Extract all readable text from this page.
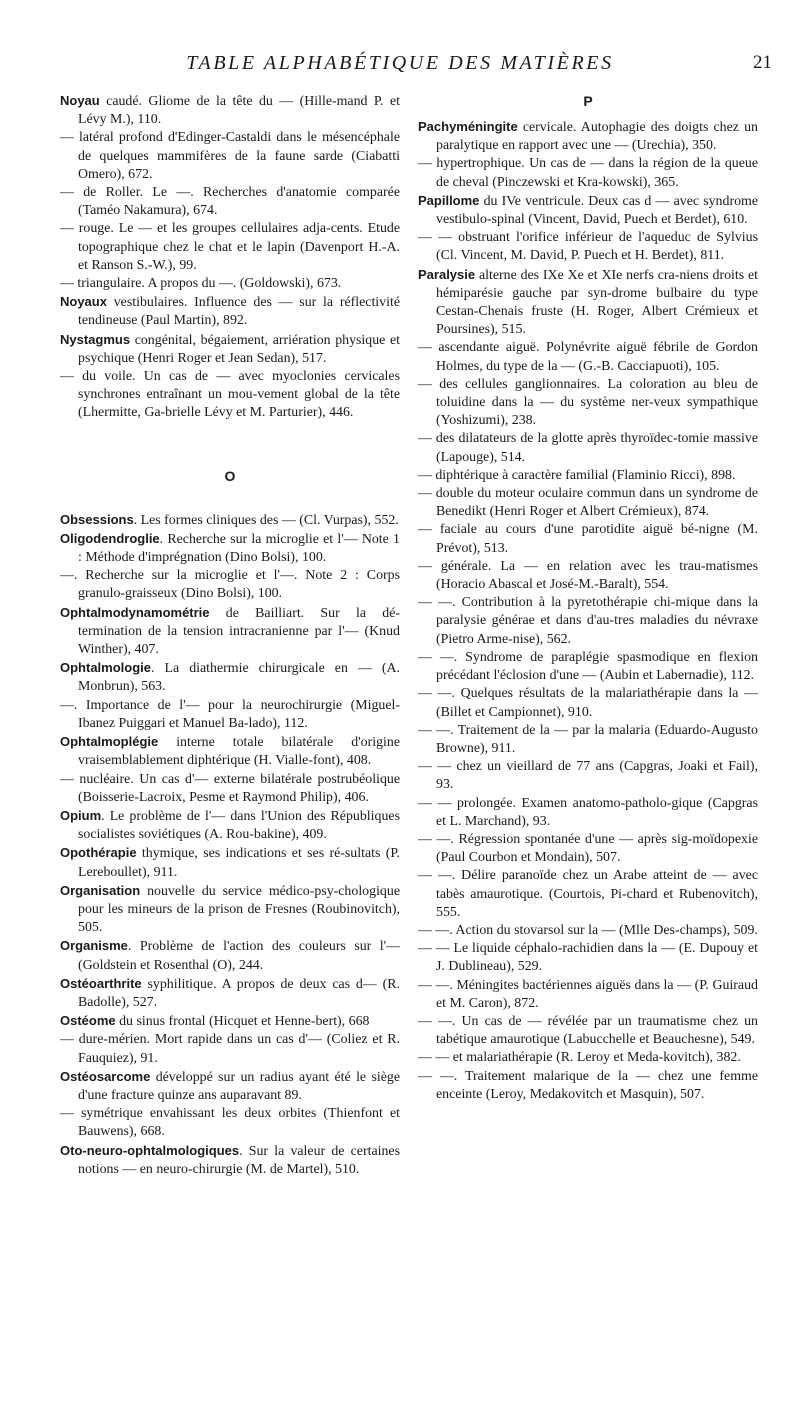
TABLE ALPHABÉTIQUE DES MATIÈRES	21

Noyau caudé. Gliome de la tête du — (Hille-mand P. et Lévy M.), 110.

— latéral profond d'Edinger-Castaldi dans le mésencéphale de quelques mammifères de la faune sarde (Ciabatti Omero), 672.

— de Roller. Le —. Recherches d'anatomie comparée (Taméo Nakamura), 674.

— rouge. Le — et les groupes cellulaires adja-cents. Etude topographique chez le chat et le lapin (Davenport H.-A. et Ranson S.-W.), 99.

— triangulaire. A propos du —. (Goldowski), 673.

Noyaux vestibulaires. Influence des — sur la réflectivité tendineuse (Paul Martin), 892.

Nystagmus congénital, bégaiement, arriération physique et psychique (Henri Roger et Jean Sedan), 517.

— du voile. Un cas de — avec myoclonies cervicales synchrones entraînant un mou-vement global de la tête (Lhermitte, Ga-brielle Lévy et M. Parturier), 446.

O

Obsessions. Les formes cliniques des — (Cl. Vurpas), 552.

Oligodendroglie. Recherche sur la microglie et l'— Note 1 : Méthode d'imprégnation (Dino Bolsi), 100.

—. Recherche sur la microglie et l'—. Note 2 : Corps granulo-graisseux (Dino Bolsi), 100.

Ophtalmodynamométrie de Bailliart. Sur la dé-termination de la tension intracranienne par l'— (Knud Winther), 407.

Ophtalmologie. La diathermie chirurgicale en — (A. Monbrun), 563.

—. Importance de l'— pour la neurochirurgie (Miguel-Ibanez Puiggari et Manuel Ba-lado), 112.

Ophtalmoplégie interne totale bilatérale d'origine vraisemblablement diphtérique (H. Vialle-font), 408.

— nucléaire. Un cas d'— externe bilatérale postrubéolique (Boisserie-Lacroix, Pesme et Raymond Philip), 406.

Opium. Le problème de l'— dans l'Union des Républiques socialistes soviétiques (A. Rou-bakine), 409.

Opothérapie thymique, ses indications et ses ré-sultats (P. Lereboullet), 911.

Organisation nouvelle du service médico-psy-chologique pour les mineurs de la prison de Fresnes (Roubinovitch), 505.

Organisme. Problème de l'action des couleurs sur l'— (Goldstein et Rosenthal (O), 244.

Ostéoarthrite syphilitique. A propos de deux cas d— (R. Badolle), 527.

Ostéome du sinus frontal (Hicquet et Henne-bert), 668

— dure-mérien. Mort rapide dans un cas d'— (Coliez et R. Fauquiez), 91.

Ostéosarcome développé sur un radius ayant été le siège d'une fracture quinze ans auparavant 89.

— symétrique envahissant les deux orbites (Thienfont et Bauwens), 668.

Oto-neuro-ophtalmologiques. Sur la valeur de certaines notions — en neuro-chirurgie (M. de Martel), 510.

P

Pachyméningite cervicale. Autophagie des doigts chez un paralytique en rapport avec une — (Urechia), 350.

— hypertrophique. Un cas de — dans la région de la queue de cheval (Pinczewski et Kra-kowski), 365.

Papillome du IVe ventricule. Deux cas d — avec syndrome vestibulo-spinal (Vincent, David, Puech et Berdet), 610.

— — obstruant l'orifice inférieur de l'aqueduc de Sylvius (Cl. Vincent, M. David, P. Puech et H. Berdet), 811.

Paralysie alterne des IXe Xe et XIe nerfs cra-niens droits et hémiparésie gauche par syn-drome bulbaire du type Cestan-Chenais fruste (H. Roger, Albert Crémieux et Poursines), 515.

— ascendante aiguë. Polynévrite aiguë fébrile de Gordon Holmes, du type de la — (G.-B. Cacciapuoti), 105.

— des cellules ganglionnaires. La coloration au bleu de toluidine dans la — du système ner-veux sympathique (Yoshizumi), 238.

— des dilatateurs de la glotte après thyroïdec-tomie massive (Lapouge), 514.

— diphtérique à caractère familial (Flaminio Ricci), 898.

— double du moteur oculaire commun dans un syndrome de Benedikt (Henri Roger et Albert Crémieux), 874.

— faciale au cours d'une parotidite aiguë bé-nigne (M. Prévot), 513.

— générale. La — en relation avec les trau-matismes (Horacio Abascal et José-M.-Baralt), 554.

— —. Contribution à la pyretothérapie chi-mique dans la paralysie générae et dans d'au-tres maladies du névraxe (Pietro Arme-nise), 562.

— —. Syndrome de paraplégie spasmodique en flexion précédant l'éclosion d'une — (Aubin et Labernadie), 112.

— —. Quelques résultats de la malariathérapie dans la — (Billet et Campionnet), 910.

— —. Traitement de la — par la malaria (Eduardo-Augusto Browne), 911.

— — chez un vieillard de 77 ans (Capgras, Joaki et Fail), 93.

— — prolongée. Examen anatomo-patholo-gique (Capgras et L. Marchand), 93.

— —. Régression spontanée d'une — après sig-moïdopexie (Paul Courbon et Mondain), 507.

— —. Délire paranoïde chez un Arabe atteint de — avec tabès amaurotique. (Courtois, Pi-chard et Rubenovitch), 555.

— —. Action du stovarsol sur la — (Mlle Des-champs), 509.

— — Le liquide céphalo-rachidien dans la — (E. Dupouy et J. Dublineau), 529.

— —. Méningites bactériennes aiguës dans la — (P. Guiraud et M. Caron), 872.

— —. Un cas de — révélée par un traumatisme chez un tabétique amaurotique (Labucchelle et Beauchesne), 549.

— — et malariathérapie (R. Leroy et Meda-kovitch), 382.

— —. Traitement malarique de la — chez une femme enceinte (Leroy, Medakovitch et Masquin), 507.
